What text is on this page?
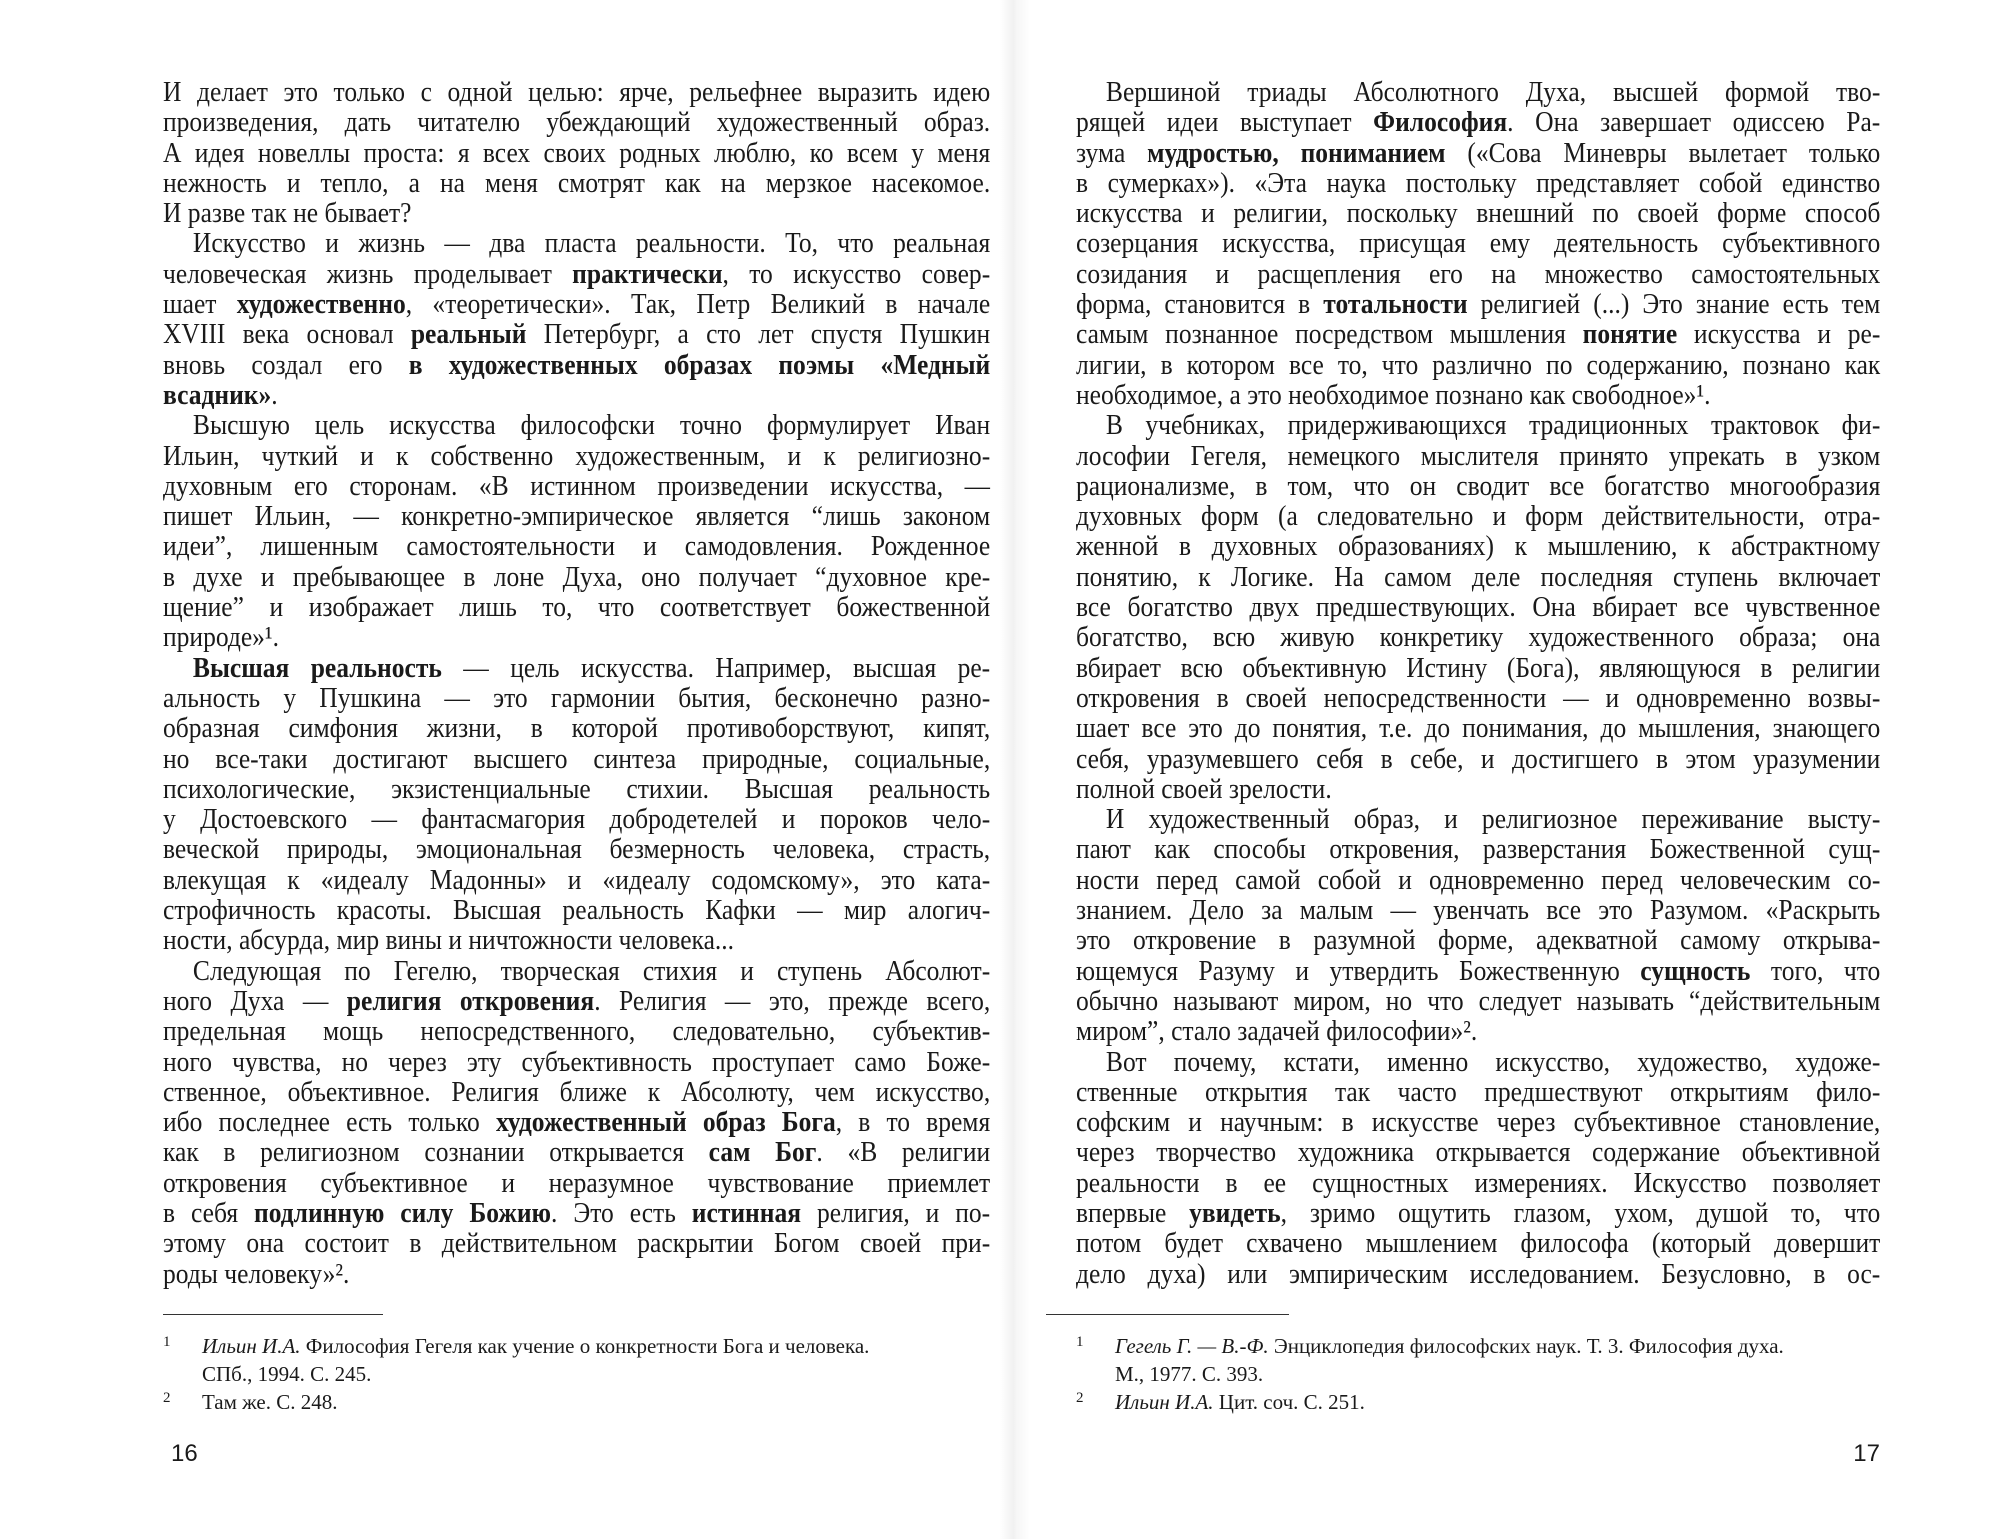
И делает это только с одной целью: ярче, рельефнее выразить идею
произведения, дать читателю убеждающий художественный образ.
А идея новеллы проста: я всех своих родных люблю, ко всем у меня
нежность и тепло, а на меня смотрят как на мерзкое насекомое.
И разве так не бывает?
Искусство и жизнь — два пласта реальности. То, что реальная
человеческая жизнь проделывает практически, то искусство совер-
шает художественно, «теоретически». Так, Петр Великий в начале
XVIII века основал реальный Петербург, а сто лет спустя Пушкин
вновь создал его в художественных образах поэмы «Медный
всадник».
Высшую цель искусства философски точно формулирует Иван
Ильин, чуткий и к собственно художественным, и к религиозно-
духовным его сторонам. «В истинном произведении искусства, —
пишет Ильин, — конкретно-эмпирическое является “лишь законом
идеи”, лишенным самостоятельности и самодовления. Рожденное
в духе и пребывающее в лоне Духа, оно получает “духовное кре-
щение” и изображает лишь то, что соответствует божественной
природе»¹.
Высшая реальность — цель искусства. Например, высшая ре-
альность у Пушкина — это гармонии бытия, бесконечно разно-
образная симфония жизни, в которой противоборствуют, кипят,
но все-таки достигают высшего синтеза природные, социальные,
психологические, экзистенциальные стихии. Высшая реальность
у Достоевского — фантасмагория добродетелей и пороков чело-
веческой природы, эмоциональная безмерность человека, страсть,
влекущая к «идеалу Мадонны» и «идеалу содомскому», это ката-
строфичность красоты. Высшая реальность Кафки — мир алогич-
ности, абсурда, мир вины и ничтожности человека...
Следующая по Гегелю, творческая стихия и ступень Абсолют-
ного Духа — религия откровения. Религия — это, прежде всего,
предельная мощь непосредственного, следовательно, субъектив-
ного чувства, но через эту субъективность проступает само Боже-
ственное, объективное. Религия ближе к Абсолюту, чем искусство,
ибо последнее есть только художественный образ Бога, в то время
как в религиозном сознании открывается сам Бог. «В религии
откровения субъективное и неразумное чувствование приемлет
в себя подлинную силу Божию. Это есть истинная религия, и по-
этому она состоит в действительном раскрытии Богом своей при-
роды человеку»².
1 Ильин И.А. Философия Гегеля как учение о конкретности Бога и человека.
СПб., 1994. С. 245.
2 Там же. С. 248.
16
Вершиной триады Абсолютного Духа, высшей формой тво-
рящей идеи выступает Философия. Она завершает одиссею Ра-
зума мудростью, пониманием («Сова Миневры вылетает только
в сумерках»). «Эта наука постольку представляет собой единство
искусства и религии, поскольку внешний по своей форме способ
созерцания искусства, присущая ему деятельность субъективного
созидания и расщепления его на множество самостоятельных
форма, становится в тотальности религией (...) Это знание есть тем
самым познанное посредством мышления понятие искусства и ре-
лигии, в котором все то, что различно по содержанию, познано как
необходимое, а это необходимое познано как свободное»¹.
В учебниках, придерживающихся традиционных трактовок фи-
лософии Гегеля, немецкого мыслителя принято упрекать в узком
рационализме, в том, что он сводит все богатство многообразия
духовных форм (а следовательно и форм действительности, отра-
женной в духовных образованиях) к мышлению, к абстрактному
понятию, к Логике. На самом деле последняя ступень включает
все богатство двух предшествующих. Она вбирает все чувственное
богатство, всю живую конкретику художественного образа; она
вбирает всю объективную Истину (Бога), являющуюся в религии
откровения в своей непосредственности — и одновременно возвы-
шает все это до понятия, т.е. до понимания, до мышления, знающего
себя, уразумевшего себя в себе, и достигшего в этом уразумении
полной своей зрелости.
И художественный образ, и религиозное переживание высту-
пают как способы откровения, разверстания Божественной сущ-
ности перед самой собой и одновременно перед человеческим со-
знанием. Дело за малым — увенчать все это Разумом. «Раскрыть
это откровение в разумной форме, адекватной самому открыва-
ющемуся Разуму и утвердить Божественную сущность того, что
обычно называют миром, но что следует называть “действительным
миром”, стало задачей философии»².
Вот почему, кстати, именно искусство, художество, художе-
ственные открытия так часто предшествуют открытиям фило-
софским и научным: в искусстве через субъективное становление,
через творчество художника открывается содержание объективной
реальности в ее сущностных измерениях. Искусство позволяет
впервые увидеть, зримо ощутить глазом, ухом, душой то, что
потом будет схвачено мышлением философа (который довершит
дело духа) или эмпирическим исследованием. Безусловно, в ос-
1 Гегель Г. — В.-Ф. Энциклопедия философских наук. Т. 3. Философия духа.
М., 1977. С. 393.
2 Ильин И.А. Цит. соч. С. 251.
17
